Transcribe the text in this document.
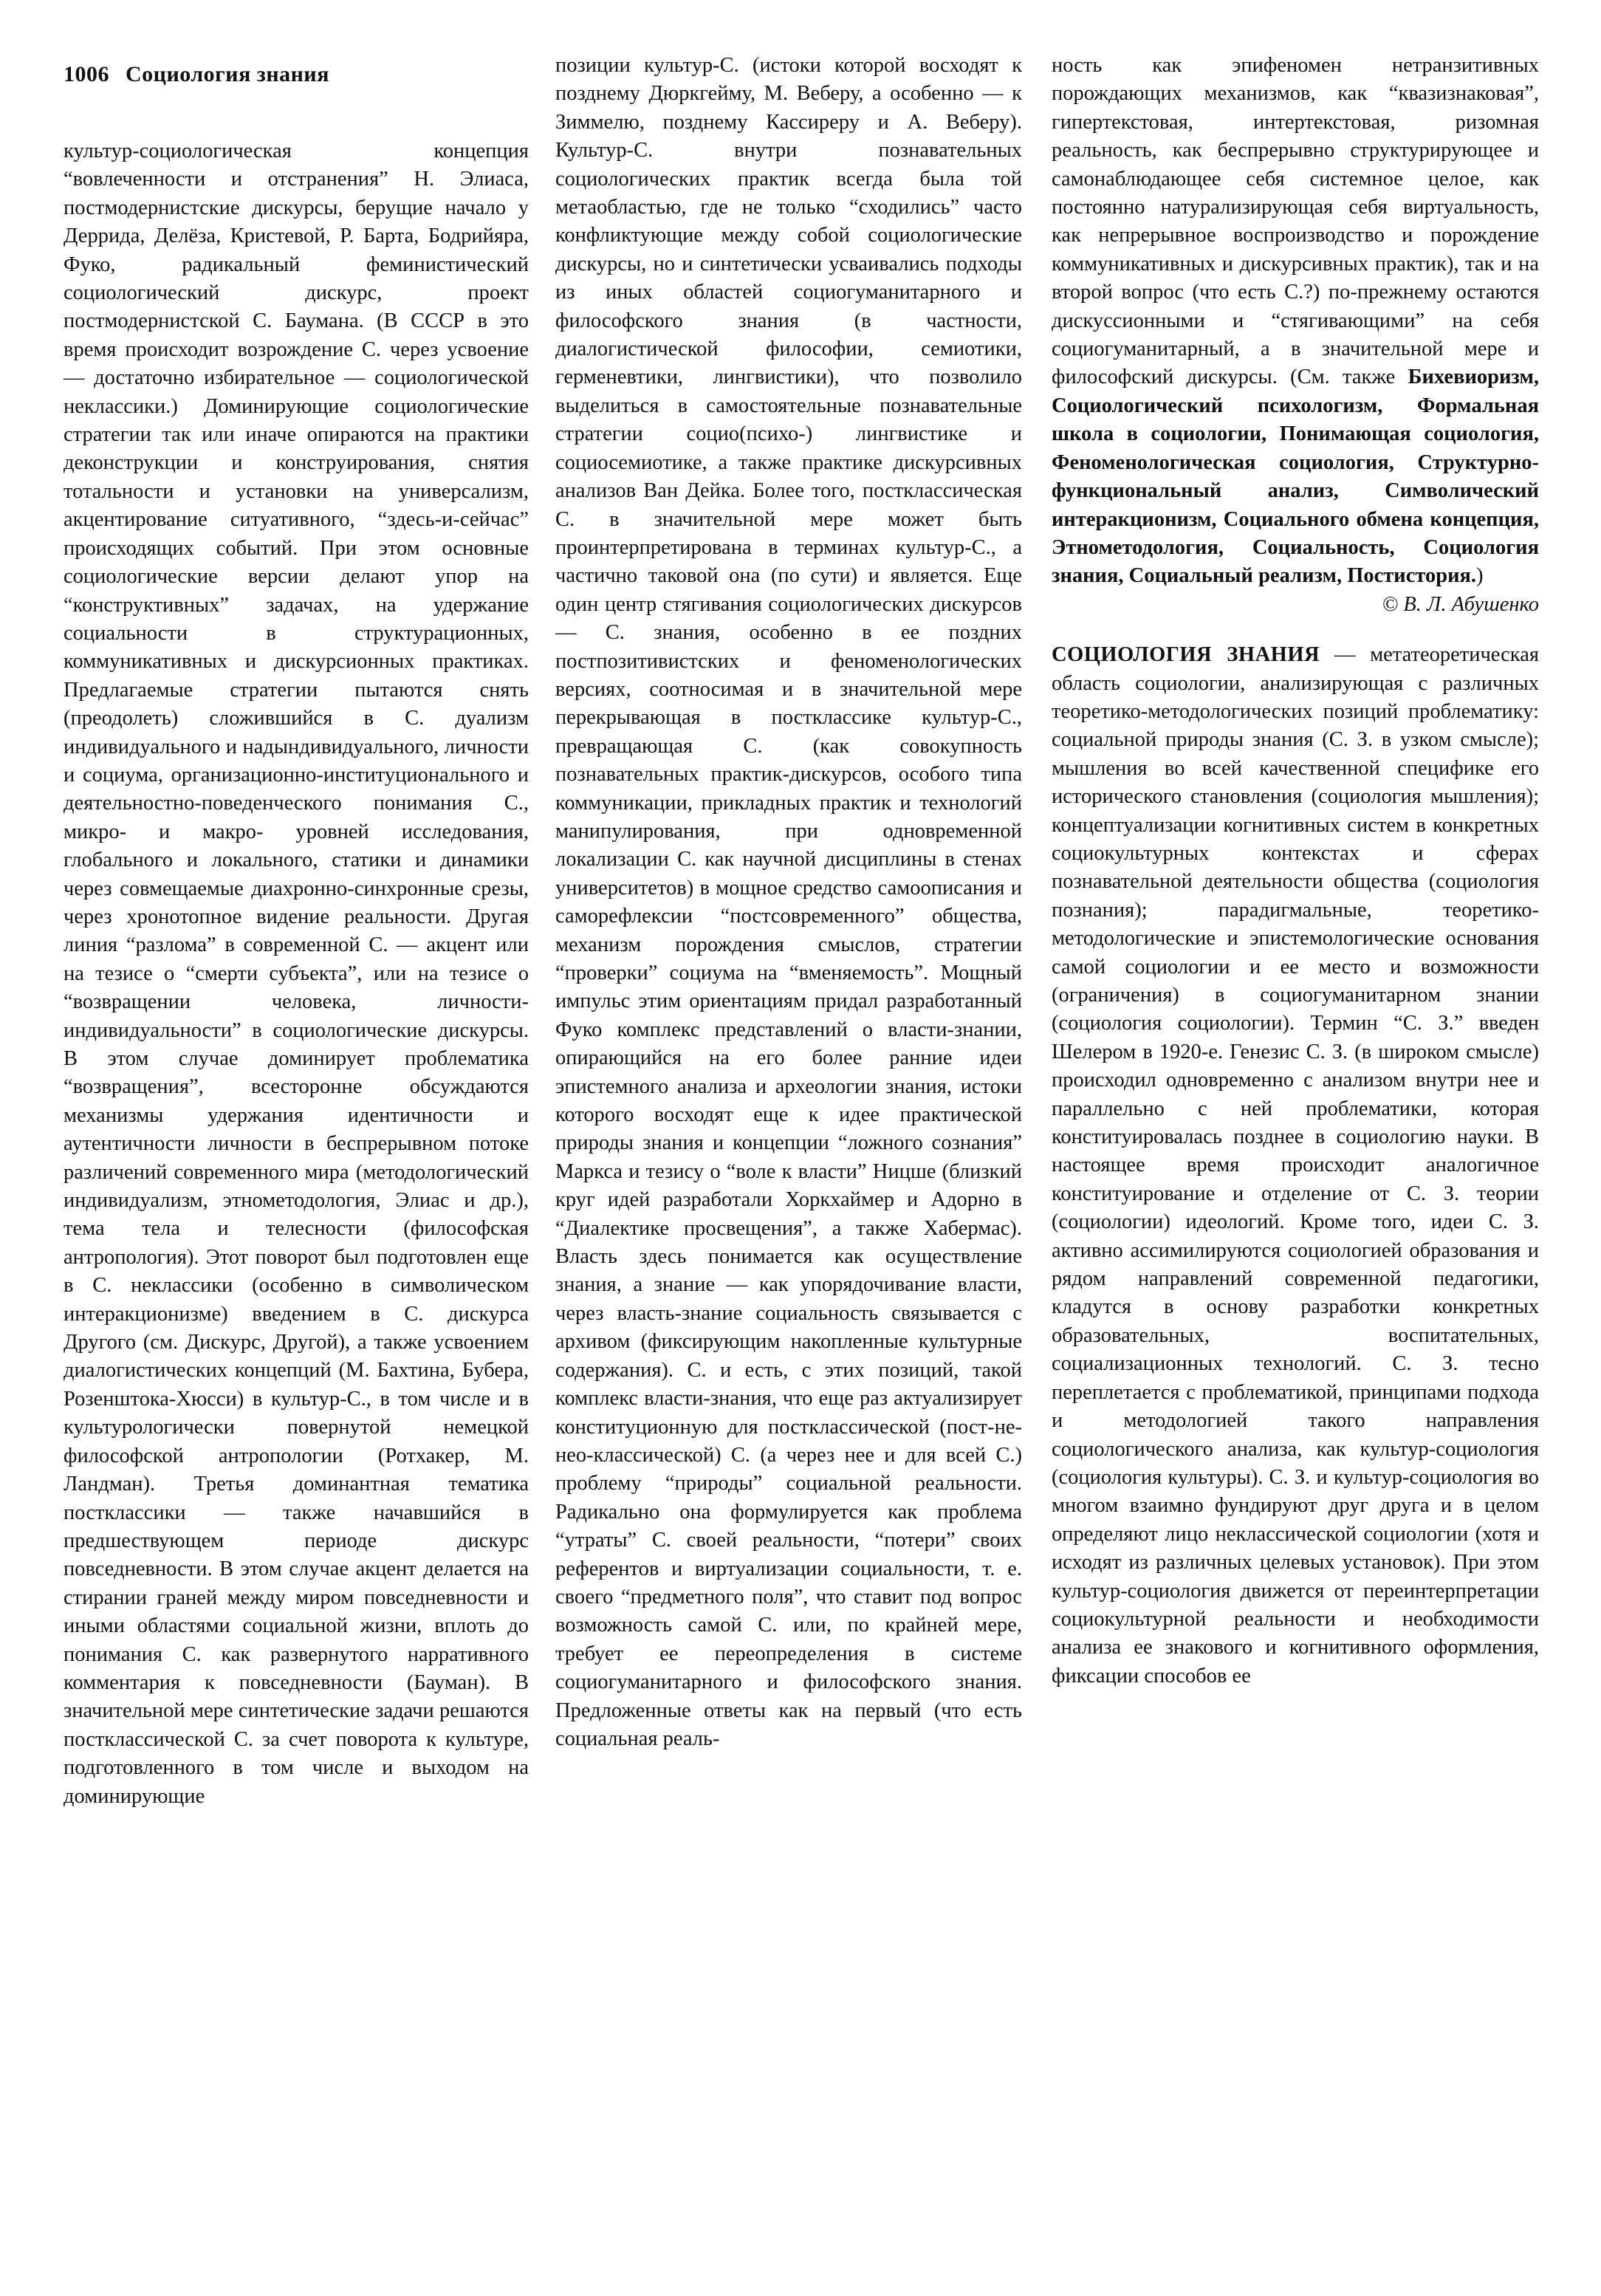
1006 Социология знания

культур-социологическая концепция “вовлеченности и отстранения” Н. Элиаса, постмодернистские дискурсы, берущие начало у Деррида, Делёза, Кристевой, Р. Барта, Бодрийяра, Фуко, радикальный феминистический социологический дискурс, проект постмодернистской С. Баумана. (В СССР в это время происходит возрождение С. через усвоение — достаточно избирательное — социологической неклассики.) Доминирующие социологические стратегии так или иначе опираются на практики деконструкции и конструирования, снятия тотальности и установки на универсализм, акцентирование ситуативного, “здесь-и-сейчас” происходящих событий. При этом основные социологические версии делают упор на “конструктивных” задачах, на удержание социальности в структурационных, коммуникативных и дискурсионных практиках. Предлагаемые стратегии пытаются снять (преодолеть) сложившийся в С. дуализм индивидуального и надындивидуального, личности и социума, организационно-институционального и деятельностно-поведенческого понимания С., микро- и макро- уровней исследования, глобального и локального, статики и динамики через совмещаемые диахронно-синхронные срезы, через хронотопное видение реальности. Другая линия “разлома” в современной С. — акцент или на тезисе о “смерти субъекта”, или на тезисе о “возвращении человека, личности-индивидуальности” в социологические дискурсы. В этом случае доминирует проблематика “возвращения”, всесторонне обсуждаются механизмы удержания идентичности и аутентичности личности в беспрерывном потоке различений современного мира (методологический индивидуализм, этнометодология, Элиас и др.), тема тела и телесности (философская антропология). Этот поворот был подготовлен еще в С. неклассики (особенно в символическом интеракционизме) введением в С. дискурса Другого (см. Дискурс, Другой), а также усвоением диалогистических концепций (М. Бахтина, Бубера, Розенштока-Хюсси) в культур-С., в том числе и в культурологически повернутой немецкой философской антропологии (Ротхакер, М. Ландман). Третья доминантная тематика постклассики — также начавшийся в предшествующем периоде дискурс повседневности. В этом случае акцент делается на стирании граней между миром повседневности и иными областями социальной жизни, вплоть до понимания С. как развернутого нарративного комментария к повседневности (Бауман). В значительной мере синтетические задачи решаются постклассической С. за счет поворота к культуре, подготовленного в том числе и выходом на доминирующие

позиции культур-С. (истоки которой восходят к позднему Дюркгейму, М. Веберу, а особенно — к Зиммелю, позднему Кассиреру и А. Веберу). Культур-С. внутри познавательных социологических практик всегда была той метаобластью, где не только “сходились” часто конфликтующие между собой социологические дискурсы, но и синтетически усваивались подходы из иных областей социогуманитарного и философского знания (в частности, диалогистической философии, семиотики, герменевтики, лингвистики), что позволило выделиться в самостоятельные познавательные стратегии социо(психо-) лингвистике и социосемиотике, а также практике дискурсивных анализов Ван Дейка. Более того, постклассическая С. в значительной мере может быть проинтерпретирована в терминах культур-С., а частично таковой она (по сути) и является. Еще один центр стягивания социологических дискурсов — С. знания, особенно в ее поздних постпозитивистских и феноменологических версиях, соотносимая и в значительной мере перекрывающая в постклассике культур-С., превращающая С. (как совокупность познавательных практик-дискурсов, особого типа коммуникации, прикладных практик и технологий манипулирования, при одновременной локализации С. как научной дисциплины в стенах университетов) в мощное средство самоописания и саморефлексии “постсовременного” общества, механизм порождения смыслов, стратегии “проверки” социума на “вменяемость”. Мощный импульс этим ориентациям придал разработанный Фуко комплекс представлений о власти-знании, опирающийся на его более ранние идеи эпистемного анализа и археологии знания, истоки которого восходят еще к идее практической природы знания и концепции “ложного сознания” Маркса и тезису о “воле к власти” Ницше (близкий круг идей разработали Хоркхаймер и Адорно в “Диалектике просвещения”, а также Хабермас). Власть здесь понимается как осуществление знания, а знание — как упорядочивание власти, через власть-знание социальность связывается с архивом (фиксирующим накопленные культурные содержания). С. и есть, с этих позиций, такой комплекс власти-знания, что еще раз актуализирует конституционную для постклассической (пост-не-нео-классической) С. (а через нее и для всей С.) проблему “природы” социальной реальности. Радикально она формулируется как проблема “утраты” С. своей реальности, “потери” своих референтов и виртуализации социальности, т. е. своего “предметного поля”, что ставит под вопрос возможность самой С. или, по крайней мере, требует ее переопределения в системе социогуманитарного и философского знания. Предложенные ответы как на первый (что есть социальная реаль-

ность как эпифеномен нетранзитивных порождающих механизмов, как “квазизнаковая”, гипертекстовая, интертекстовая, ризомная реальность, как беспрерывно структурирующее и самонаблюдающее себя системное целое, как постоянно натурализирующая себя виртуальность, как непрерывное воспроизводство и порождение коммуникативных и дискурсивных практик), так и на второй вопрос (что есть С.?) по-прежнему остаются дискуссионными и “стягивающими” на себя социогуманитарный, а в значительной мере и философский дискурсы. (См. также Бихевиоризм, Социологический психологизм, Формальная школа в социологии, Понимающая социология, Феноменологическая социология, Структурно-функциональный анализ, Символический интеракционизм, Социального обмена концепция, Этнометодология, Социальность, Социология знания, Социальный реализм, Постистория.)

© В. Л. Абушенко

СОЦИОЛОГИЯ ЗНАНИЯ — метатеоретическая область социологии, анализирующая с различных теоретико-методологических позиций проблематику: социальной природы знания (С. З. в узком смысле); мышления во всей качественной специфике его исторического становления (социология мышления); концептуализации когнитивных систем в конкретных социокультурных контекстах и сферах познавательной деятельности общества (социология познания); парадигмальные, теоретико-методологические и эпистемологические основания самой социологии и ее место и возможности (ограничения) в социогуманитарном знании (социология социологии). Термин “С. З.” введен Шелером в 1920-е. Генезис С. З. (в широком смысле) происходил одновременно с анализом внутри нее и параллельно с ней проблематики, которая конституировалась позднее в социологию науки. В настоящее время происходит аналогичное конституирование и отделение от С. З. теории (социологии) идеологий. Кроме того, идеи С. З. активно ассимилируются социологией образования и рядом направлений современной педагогики, кладутся в основу разработки конкретных образовательных, воспитательных, социализационных технологий. С. З. тесно переплетается с проблематикой, принципами подхода и методологией такого направления социологического анализа, как культур-социология (социология культуры). С. З. и культур-социология во многом взаимно фундируют друг друга и в целом определяют лицо неклассической социологии (хотя и исходят из различных целевых установок). При этом культур-социология движется от переинтерпретации социокультурной реальности и необходимости анализа ее знакового и когнитивного оформления, фиксации способов ее
